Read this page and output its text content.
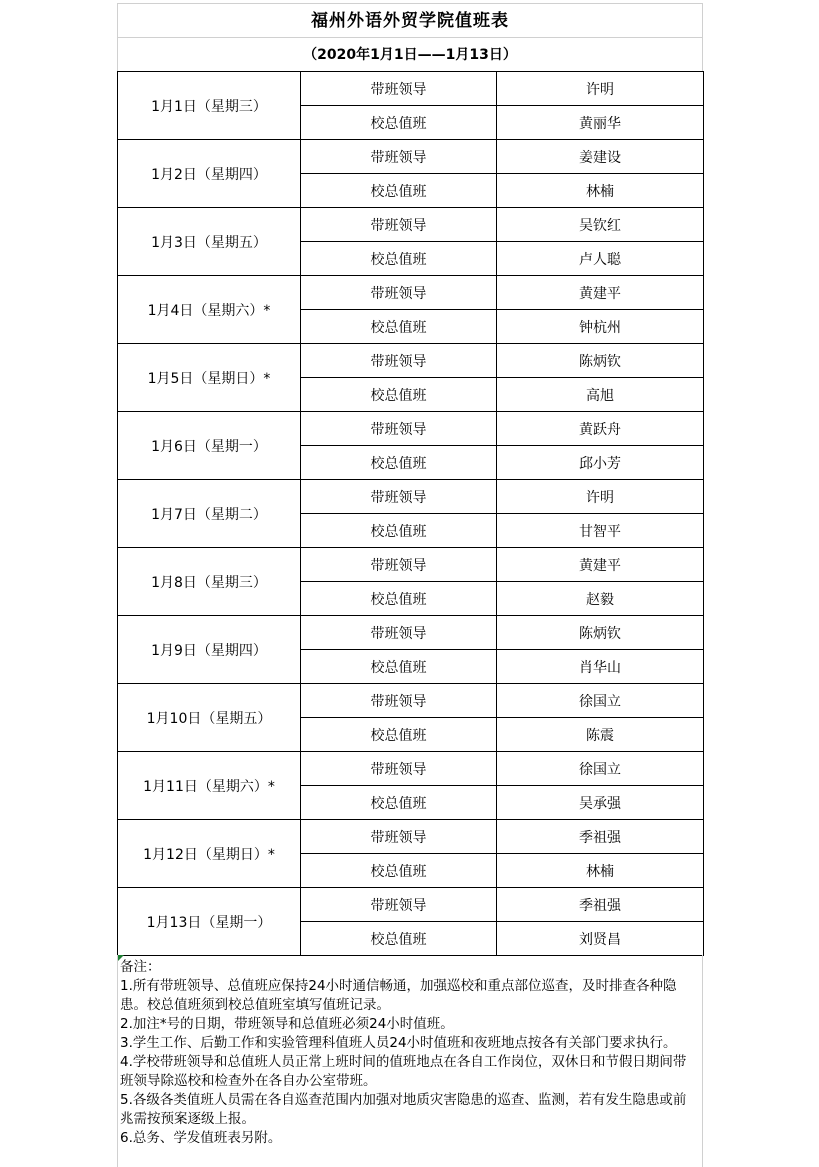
福州外语外贸学院值班表
（2020年1月1日——1月13日）
1月1日（星期三）	带班领导	许明
	校总值班	黄丽华
1月2日（星期四）	带班领导	姜建设
	校总值班	林楠
1月3日（星期五）	带班领导	吴钦红
	校总值班	卢人聪
1月4日（星期六）*	带班领导	黄建平
	校总值班	钟杭州
1月5日（星期日）*	带班领导	陈炳钦
	校总值班	高旭
1月6日（星期一）	带班领导	黄跃舟
	校总值班	邱小芳
1月7日（星期二）	带班领导	许明
	校总值班	甘智平
1月8日（星期三）	带班领导	黄建平
	校总值班	赵毅
1月9日（星期四）	带班领导	陈炳钦
	校总值班	肖华山
1月10日（星期五）	带班领导	徐国立
	校总值班	陈震
1月11日（星期六）*	带班领导	徐国立
	校总值班	吴承强
1月12日（星期日）*	带班领导	季祖强
	校总值班	林楠
1月13日（星期一）	带班领导	季祖强
	校总值班	刘贤昌
备注：
1.所有带班领导、总值班应保持24小时通信畅通，加强巡校和重点部位巡查，及时排查各种隐患。校总值班须到校总值班室填写值班记录。
2.加注*号的日期，带班领导和总值班必须24小时值班。
3.学生工作、后勤工作和实验管理科值班人员24小时值班和夜班地点按各有关部门要求执行。
4.学校带班领导和总值班人员正常上班时间的值班地点在各自工作岗位，双休日和节假日期间带班领导除巡校和检查外在各自办公室带班。
5.各级各类值班人员需在各自巡查范围内加强对地质灾害隐患的巡查、监测，若有发生隐患或前兆需按预案逐级上报。
6.总务、学发值班表另附。
